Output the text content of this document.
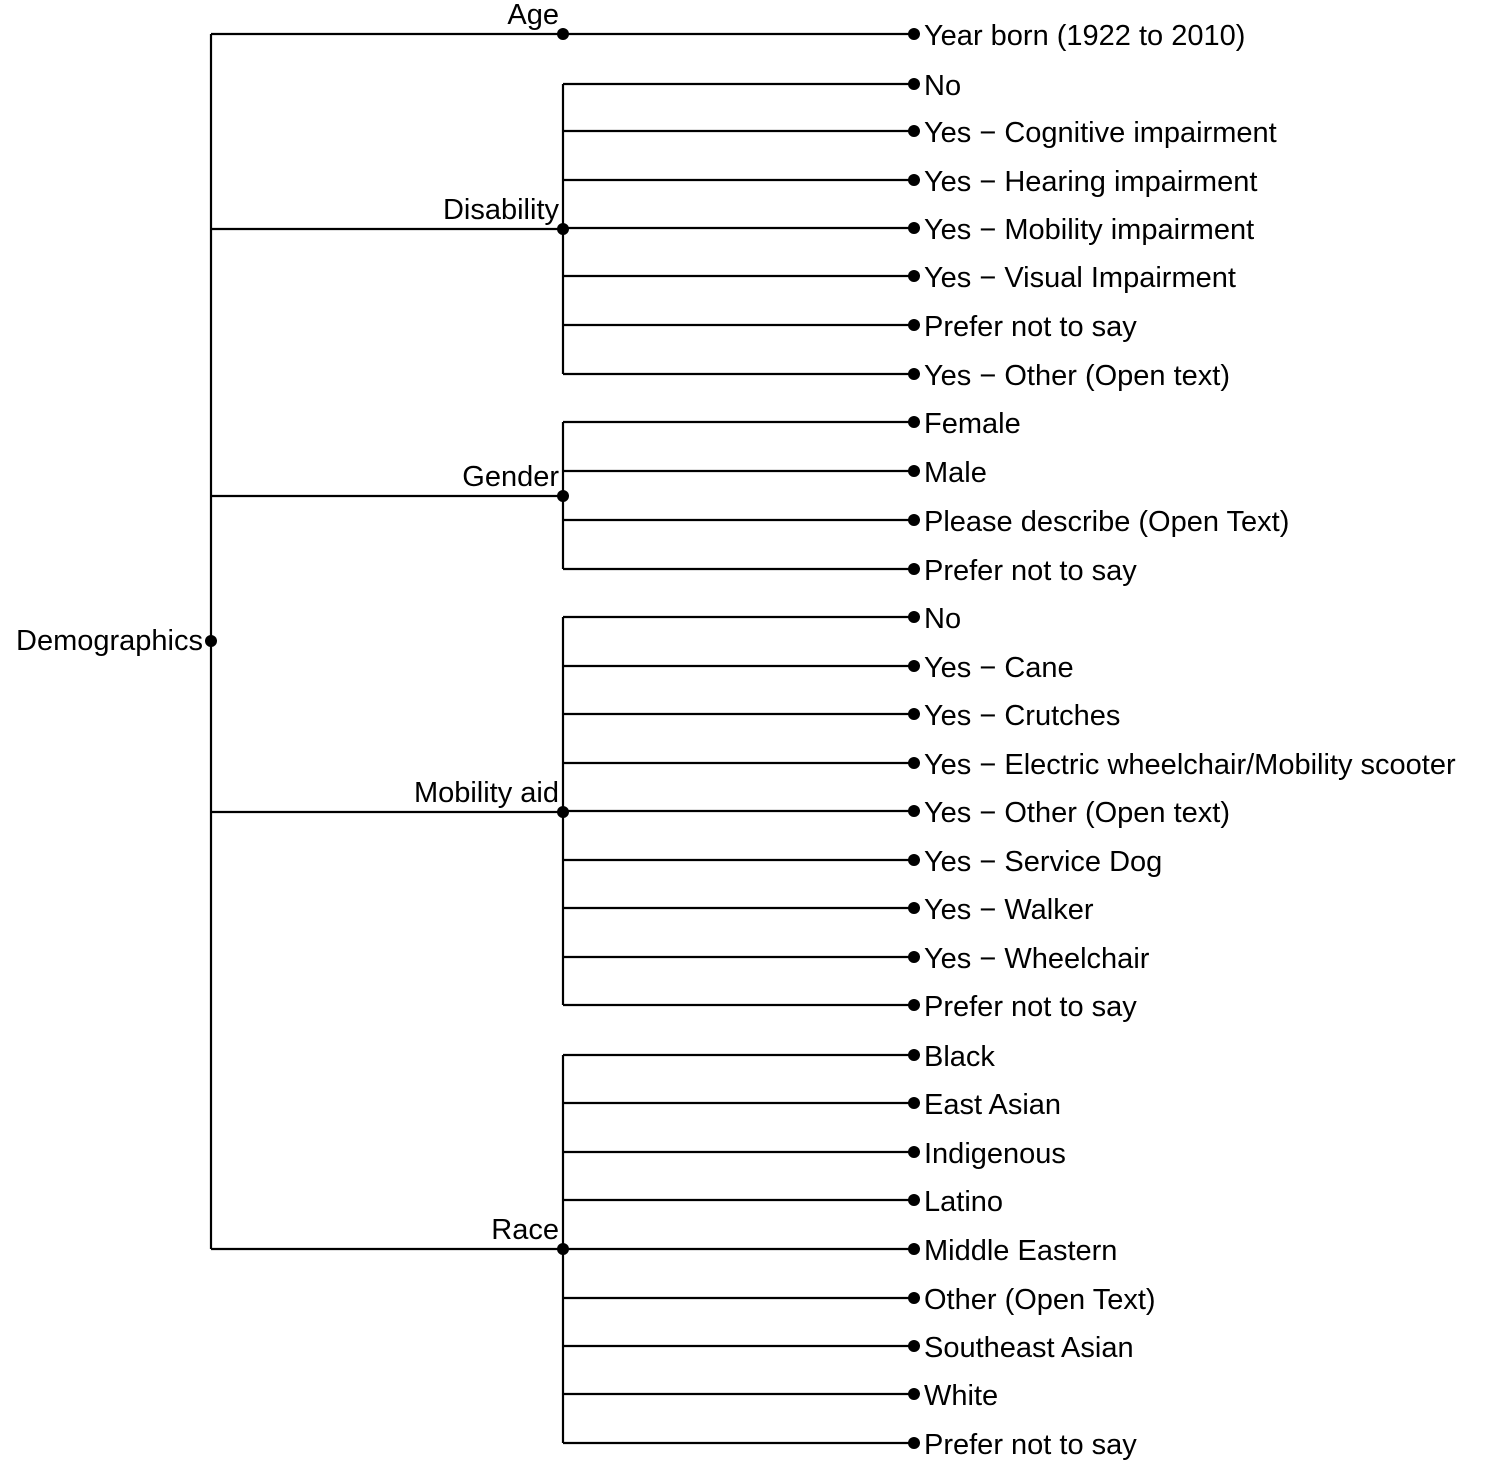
Year born (1922 to 2010)
Age
No
Yes − Cognitive impairment
Yes − Hearing impairment
Yes − Mobility impairment
Yes − Visual Impairment
Prefer not to say
Yes − Other (Open text)
Disability
Female
Male
Please describe (Open Text)
Prefer not to say
Gender
No
Yes − Cane
Yes − Crutches
Yes − Electric wheelchair/Mobility scooter
Yes − Other (Open text)
Yes − Service Dog
Yes − Walker
Yes − Wheelchair
Prefer not to say
Mobility aid
Black
East Asian
Indigenous
Latino
Middle Eastern
Other (Open Text)
Southeast Asian
White
Prefer not to say
Race
Demographics
